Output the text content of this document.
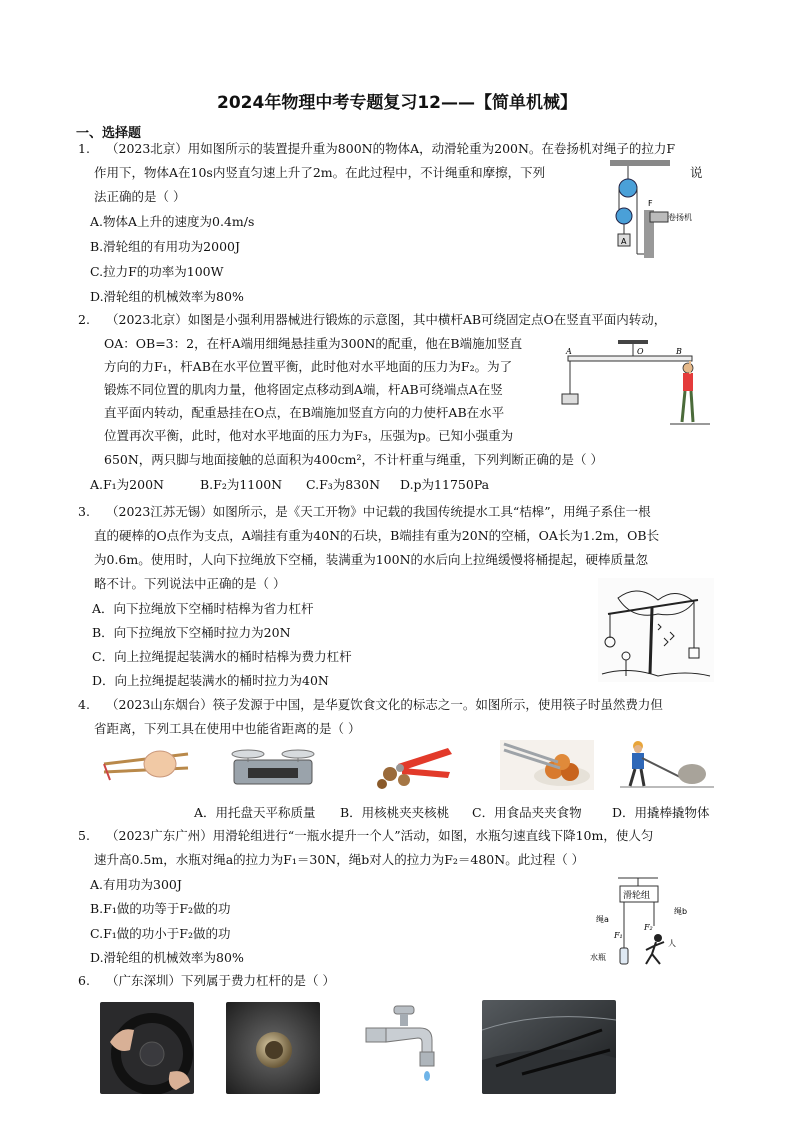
2024年物理中考专题复习12——【简单机械】
一、选择题
1. （2023北京）用如图所示的装置提升重为800N的物体A，动滑轮重为200N。在卷扬机对绳子的拉力F
作用下，物体A在10s内竖直匀速上升了2m。在此过程中，不计绳重和摩擦，下列	说
法正确的是（ ）
A.物体A上升的速度为0.4m/s
B.滑轮组的有用功为2000J
C.拉力F的功率为100W
D.滑轮组的机械效率为80%
A
F
卷扬机
2. （2023北京）如图是小强利用器械进行锻炼的示意图，其中横杆AB可绕固定点O在竖直平面内转动，
OA：OB=3：2，在杆A端用细绳悬挂重为300N的配重，他在B端施加竖直
方向的力F₁，杆AB在水平位置平衡，此时他对水平地面的压力为F₂。为了
锻炼不同位置的肌肉力量，他将固定点移动到A端，杆AB可绕端点A在竖
直平面内转动，配重悬挂在O点，在B端施加竖直方向的力使杆AB在水平
位置再次平衡，此时，他对水平地面的压力为F₃，压强为p。已知小强重为
650N，两只脚与地面接触的总面积为400cm²，不计杆重与绳重，下列判断正确的是（ ）
A.F₁为200N	B.F₂为1100N C.F₃为830N D.p为11750Pa
A	O	B
3. （2023江苏无锡）如图所示，是《天工开物》中记载的我国传统提水工具“桔槔”，用绳子系住一根
直的硬棒的O点作为支点，A端挂有重为40N的石块，B端挂有重为20N的空桶，OA长为1.2m，OB长
为0.6m。使用时，人向下拉绳放下空桶，装满重为100N的水后向上拉绳缓慢将桶提起，硬棒质量忽
略不计。下列说法中正确的是（ ）
A．向下拉绳放下空桶时桔槔为省力杠杆
B．向下拉绳放下空桶时拉力为20N
C．向上拉绳提起装满水的桶时桔槔为费力杠杆
D．向上拉绳提起装满水的桶时拉力为40N
4. （2023山东烟台）筷子发源于中国，是华夏饮食文化的标志之一。如图所示，使用筷子时虽然费力但
省距离，下列工具在使用中也能省距离的是（ ）
A．用托盘天平称质量 B．用核桃夹夹核桃 C．用食品夹夹食物 D．用撬棒撬物体
5. （2023广东广州）用滑轮组进行“一瓶水提升一个人”活动，如图，水瓶匀速直线下降10m，使人匀
速升高0.5m，水瓶对绳a的拉力为F₁＝30N，绳b对人的拉力为F₂＝480N。此过程（ ）
A.有用功为300J
B.F₁做的功等于F₂做的功
C.F₁做的功小于F₂做的功
D.滑轮组的机械效率为80%
滑轮组
绳a
绳b
F₁
F₂
水瓶
人
6. （广东深圳）下列属于费力杠杆的是（ ）
